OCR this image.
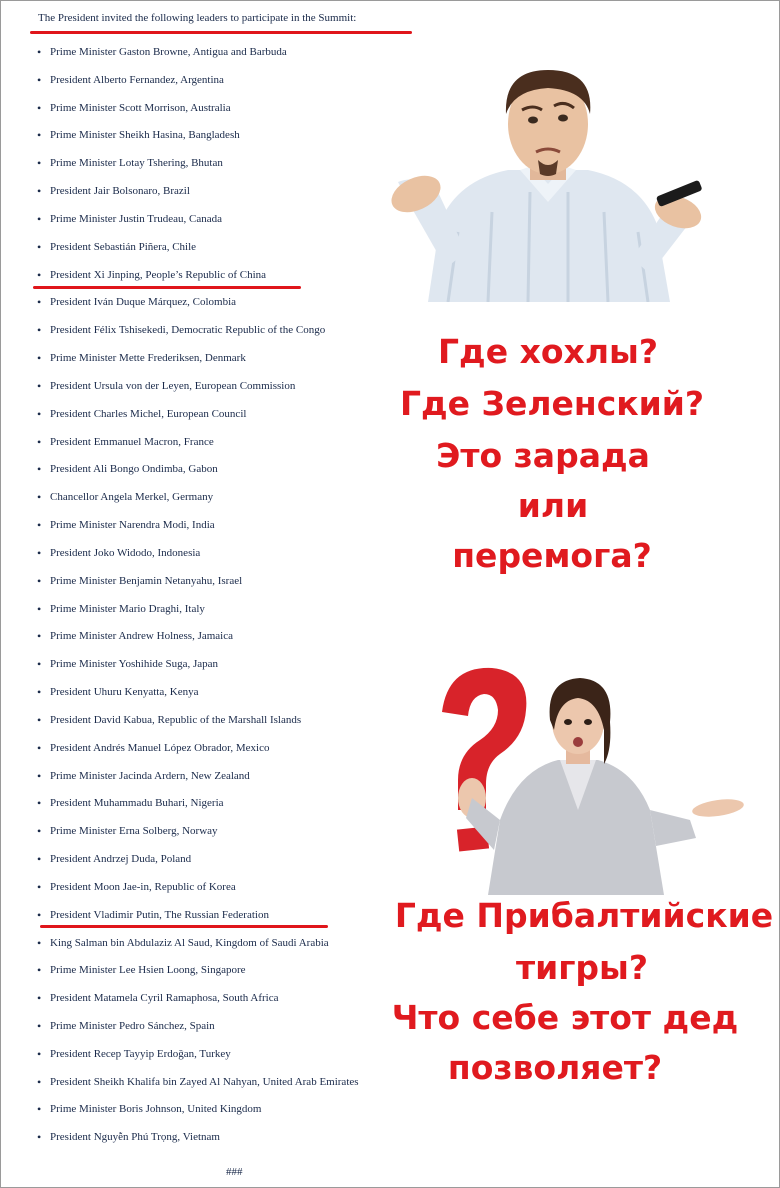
The President invited the following leaders to participate in the Summit:
• Prime Minister Gaston Browne, Antigua and Barbuda
• President Alberto Fernandez, Argentina
• Prime Minister Scott Morrison, Australia
• Prime Minister Sheikh Hasina, Bangladesh
• Prime Minister Lotay Tshering, Bhutan
• President Jair Bolsonaro, Brazil
• Prime Minister Justin Trudeau, Canada
• President Sebastián Piñera, Chile
• President Xi Jinping, People’s Republic of China
• President Iván Duque Márquez, Colombia
• President Félix Tshisekedi, Democratic Republic of the Congo
• Prime Minister Mette Frederiksen, Denmark
• President Ursula von der Leyen, European Commission
• President Charles Michel, European Council
• President Emmanuel Macron, France
• President Ali Bongo Ondimba, Gabon
• Chancellor Angela Merkel, Germany
• Prime Minister Narendra Modi, India
• President Joko Widodo, Indonesia
• Prime Minister Benjamin Netanyahu, Israel
• Prime Minister Mario Draghi, Italy
• Prime Minister Andrew Holness, Jamaica
• Prime Minister Yoshihide Suga, Japan
• President Uhuru Kenyatta, Kenya
• President David Kabua, Republic of the Marshall Islands
• President Andrés Manuel López Obrador, Mexico
• Prime Minister Jacinda Ardern, New Zealand
• President Muhammadu Buhari, Nigeria
• Prime Minister Erna Solberg, Norway
• President Andrzej Duda, Poland
• President Moon Jae-in, Republic of Korea
• President Vladimir Putin, The Russian Federation
• King Salman bin Abdulaziz Al Saud, Kingdom of Saudi Arabia
• Prime Minister Lee Hsien Loong, Singapore
• President Matamela Cyril Ramaphosa, South Africa
• Prime Minister Pedro Sánchez, Spain
• President Recep Tayyip Erdoğan, Turkey
• President Sheikh Khalifa bin Zayed Al Nahyan, United Arab Emirates
• Prime Minister Boris Johnson, United Kingdom
• President Nguyễn Phú Trọng, Vietnam
###
Где хохлы?
Где Зеленский?
Это зарада
или
перемога?
Где Прибалтийские
тигры?
Что себе этот дед
позволяет?
